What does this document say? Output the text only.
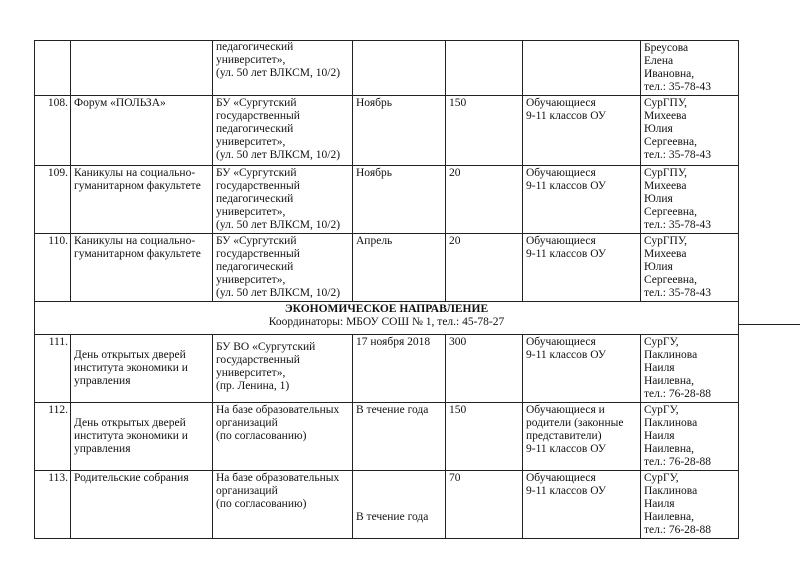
		педагогический
университет»,
(ул. 50 лет ВЛКСМ, 10/2)				Бреусова
Елена
Ивановна,
тел.: 35-78-43
108.	Форум «ПОЛЬЗА»	БУ «Сургутский
государственный
педагогический
университет»,
(ул. 50 лет ВЛКСМ, 10/2)	Ноябрь	150	Обучающиеся
9-11 классов ОУ	СурГПУ,
Михеева
Юлия
Сергеевна,
тел.: 35-78-43
109.	Каникулы на социально-
гуманитарном факультете	БУ «Сургутский
государственный
педагогический
университет»,
(ул. 50 лет ВЛКСМ, 10/2)	Ноябрь	20	Обучающиеся
9-11 классов ОУ	СурГПУ,
Михеева
Юлия
Сергеевна,
тел.: 35-78-43
110.	Каникулы на социально-
гуманитарном факультете	БУ «Сургутский
государственный
педагогический
университет»,
(ул. 50 лет ВЛКСМ, 10/2)	Апрель	20	Обучающиеся
9-11 классов ОУ	СурГПУ,
Михеева
Юлия
Сергеевна,
тел.: 35-78-43

ЭКОНОМИЧЕСКОЕ НАПРАВЛЕНИЕ
Координаторы: МБОУ СОШ № 1, тел.: 45-78-27						
111.	День открытых дверей
института экономики и
управления	БУ ВО «Сургутский
государственный
университет»,
(пр. Ленина, 1)	17 ноября 2018	300	Обучающиеся
9-11 классов ОУ	СурГУ,
Паклинова
Наиля
Наилевна,
тел.: 76-28-88
112.	День открытых дверей
института экономики и
управления	На базе образовательных
организаций
(по согласованию)	В течение года	150	Обучающиеся и
родители (законные
представители)
9-11 классов ОУ	СурГУ,
Паклинова
Наиля
Наилевна,
тел.: 76-28-88
113.	Родительские собрания	На базе образовательных
организаций
(по согласованию)	В течение года	70	Обучающиеся
9-11 классов ОУ	СурГУ,
Паклинова
Наиля
Наилевна,
тел.: 76-28-88
